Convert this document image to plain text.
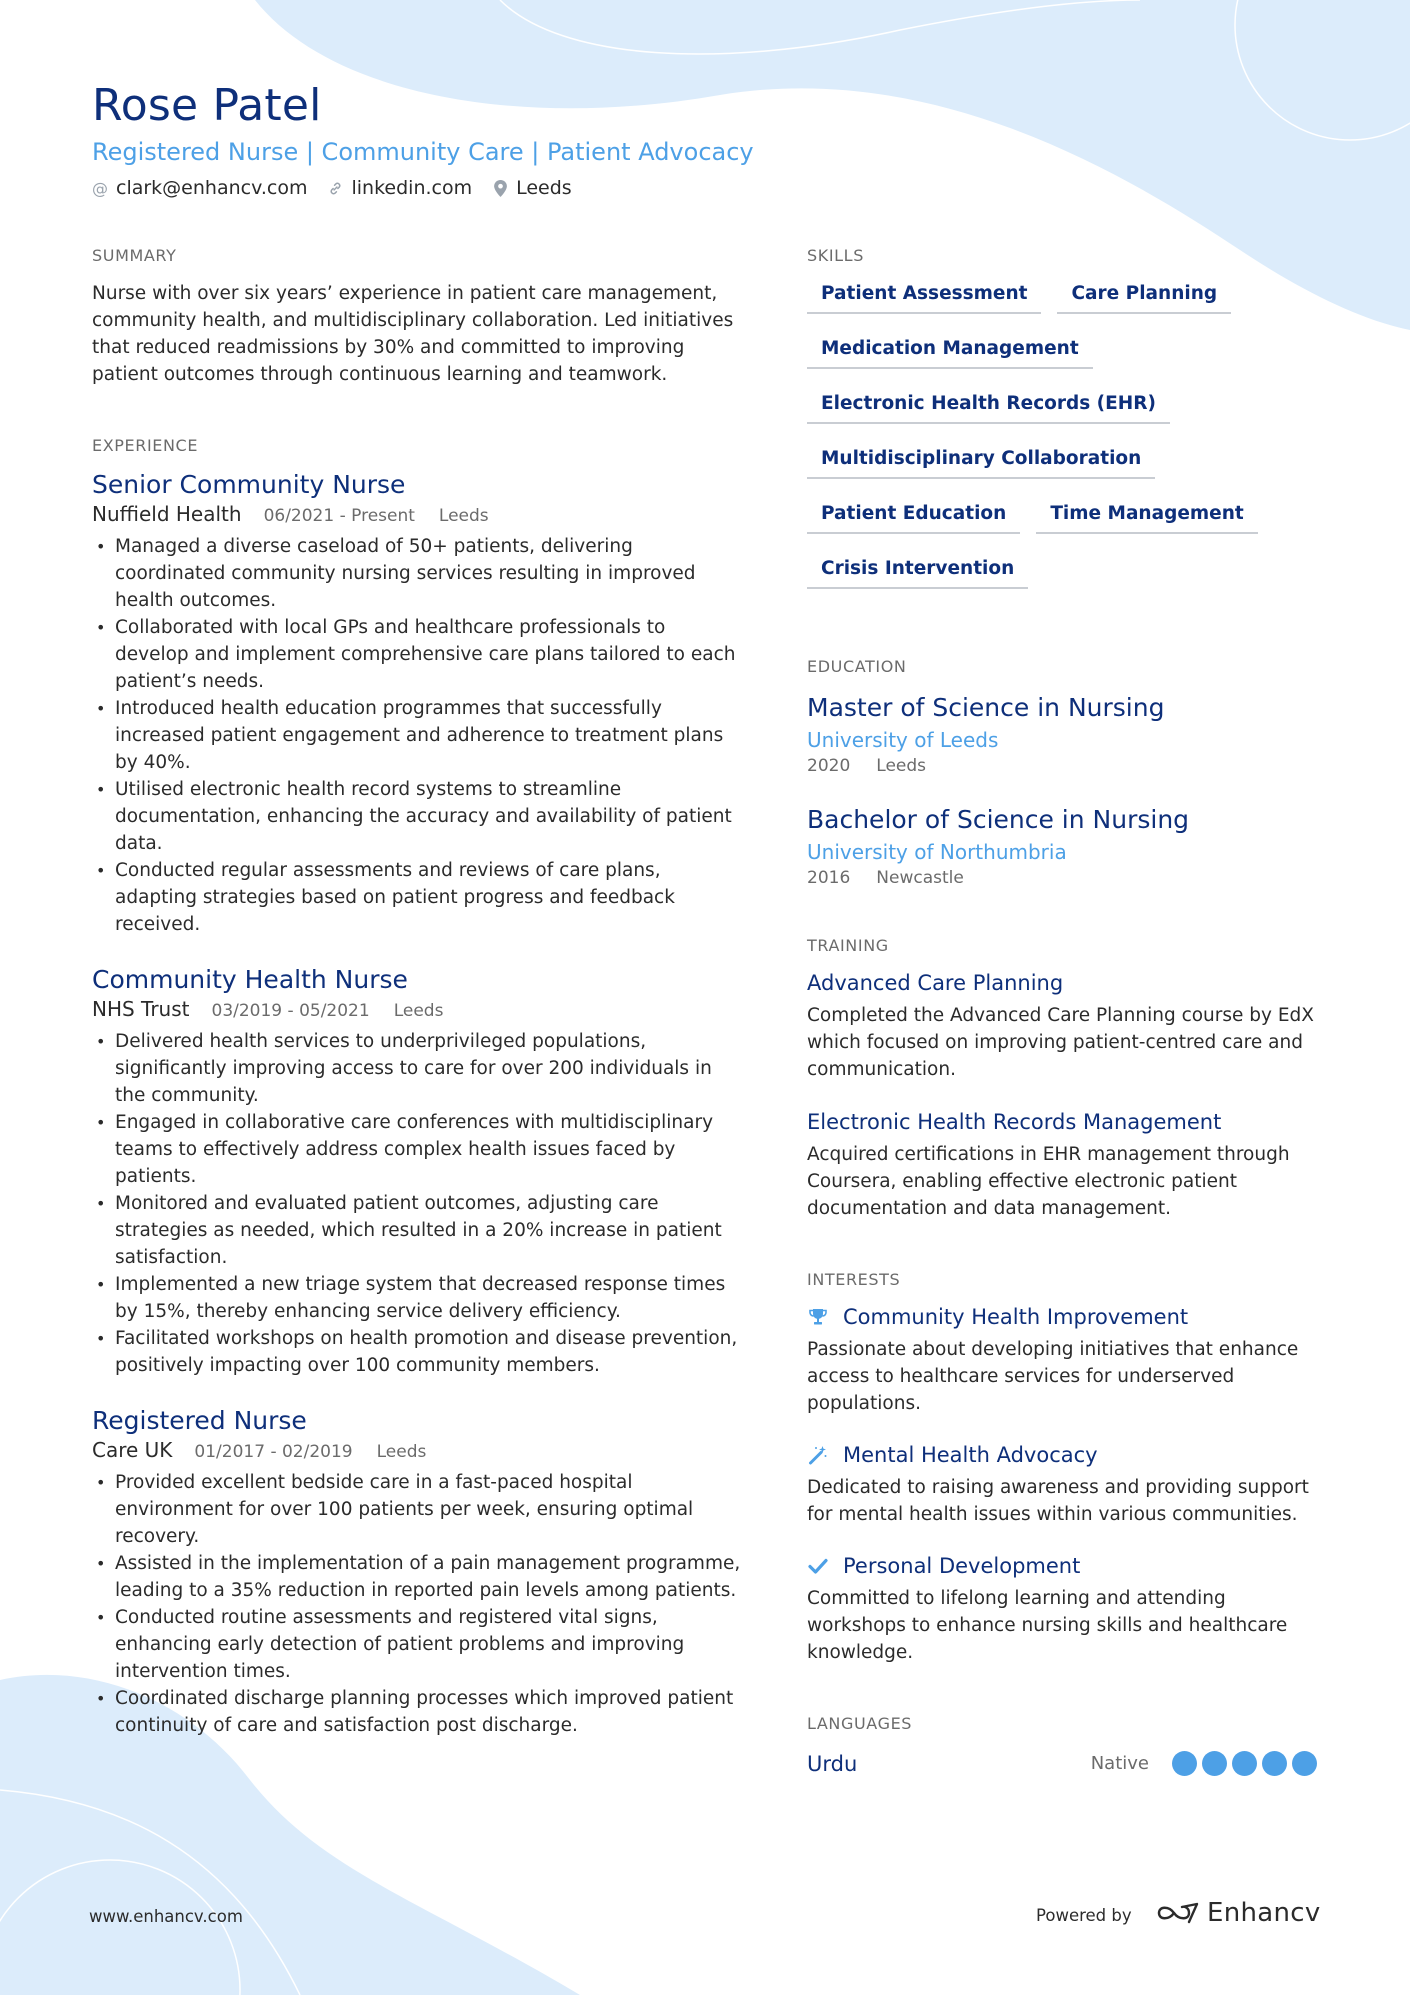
Rose Patel
Registered Nurse | Community Care | Patient Advocacy
@ clark@enhancv.com linkedin.com Leeds
SUMMARY
Nurse with over six years’ experience in patient care management, community health, and multidisciplinary collaboration. Led initiatives that reduced readmissions by 30% and committed to improving patient outcomes through continuous learning and teamwork.
EXPERIENCE
Senior Community Nurse
Nuffield Health 06/2021 - Present Leeds
• Managed a diverse caseload of 50+ patients, delivering coordinated community nursing services resulting in improved health outcomes.
• Collaborated with local GPs and healthcare professionals to develop and implement comprehensive care plans tailored to each patient’s needs.
• Introduced health education programmes that successfully increased patient engagement and adherence to treatment plans by 40%.
• Utilised electronic health record systems to streamline documentation, enhancing the accuracy and availability of patient data.
• Conducted regular assessments and reviews of care plans, adapting strategies based on patient progress and feedback received.
Community Health Nurse
NHS Trust 03/2019 - 05/2021 Leeds
• Delivered health services to underprivileged populations, significantly improving access to care for over 200 individuals in the community.
• Engaged in collaborative care conferences with multidisciplinary teams to effectively address complex health issues faced by patients.
• Monitored and evaluated patient outcomes, adjusting care strategies as needed, which resulted in a 20% increase in patient satisfaction.
• Implemented a new triage system that decreased response times by 15%, thereby enhancing service delivery efficiency.
• Facilitated workshops on health promotion and disease prevention, positively impacting over 100 community members.
Registered Nurse
Care UK 01/2017 - 02/2019 Leeds
• Provided excellent bedside care in a fast-paced hospital environment for over 100 patients per week, ensuring optimal recovery.
• Assisted in the implementation of a pain management programme, leading to a 35% reduction in reported pain levels among patients.
• Conducted routine assessments and registered vital signs, enhancing early detection of patient problems and improving intervention times.
• Coordinated discharge planning processes which improved patient continuity of care and satisfaction post discharge.
SKILLS
Patient Assessment	Care Planning
Medication Management
Electronic Health Records (EHR)
Multidisciplinary Collaboration
Patient Education	Time Management
Crisis Intervention
EDUCATION
Master of Science in Nursing
University of Leeds
2020 Leeds
Bachelor of Science in Nursing
University of Northumbria
2016 Newcastle
TRAINING
Advanced Care Planning
Completed the Advanced Care Planning course by EdX which focused on improving patient-centred care and communication.
Electronic Health Records Management
Acquired certifications in EHR management through Coursera, enabling effective electronic patient documentation and data management.
INTERESTS
Community Health Improvement
Passionate about developing initiatives that enhance access to healthcare services for underserved populations.
Mental Health Advocacy
Dedicated to raising awareness and providing support for mental health issues within various communities.
Personal Development
Committed to lifelong learning and attending workshops to enhance nursing skills and healthcare knowledge.
LANGUAGES
Urdu	Native
www.enhancv.com	Powered by	Enhancv
